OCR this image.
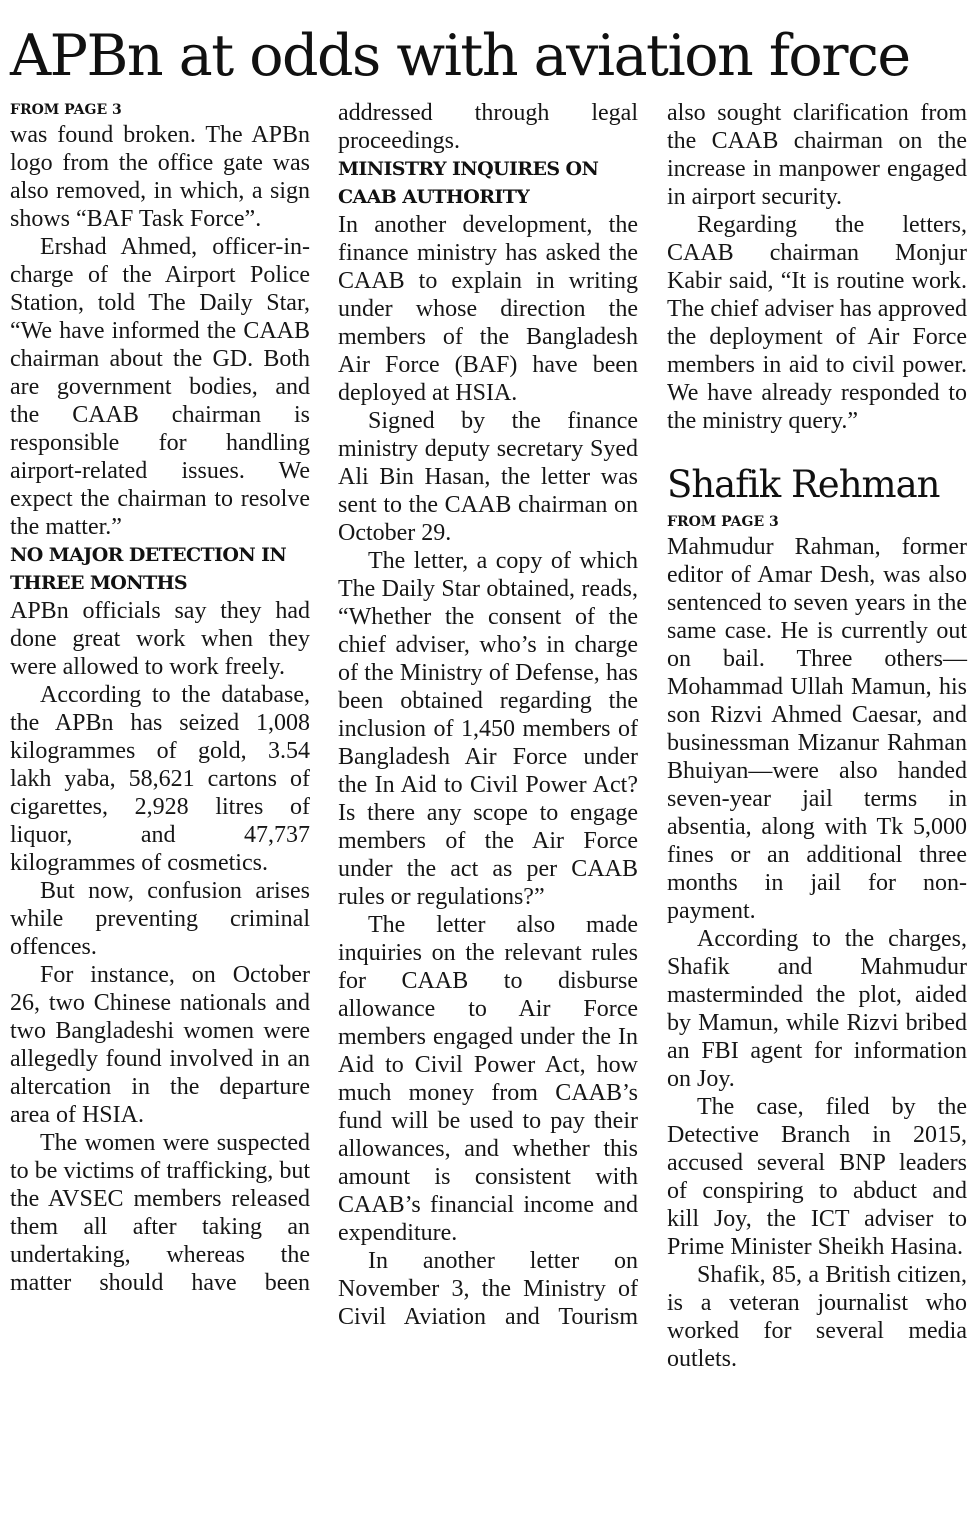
APBn at odds with aviation force
FROM PAGE 3

was found broken. The APBn logo from the office gate was also removed, in which, a sign shows “BAF Task Force”.

Ershad Ahmed, officer-in-charge of the Airport Police Station, told The Daily Star, “We have informed the CAAB chairman about the GD. Both are government bodies, and the CAAB chairman is responsible for handling airport-related issues. We expect the chairman to resolve the matter.”

NO MAJOR DETECTION IN THREE MONTHS

APBn officials say they had done great work when they were allowed to work freely.

According to the database, the APBn has seized 1,008 kilogrammes of gold, 3.54 lakh yaba, 58,621 cartons of cigarettes, 2,928 litres of liquor, and 47,737 kilogrammes of cosmetics.

But now, confusion arises while preventing criminal offences.

For instance, on October 26, two Chinese nationals and two Bangladeshi women were allegedly found involved in an altercation in the departure area of HSIA.

The women were suspected to be victims of trafficking, but the AVSEC members released them all after taking an undertaking, whereas the matter should have been

addressed through legal proceedings.

MINISTRY INQUIRES ON CAAB AUTHORITY

In another development, the finance ministry has asked the CAAB to explain in writing under whose direction the members of the Bangladesh Air Force (BAF) have been deployed at HSIA.

Signed by the finance ministry deputy secretary Syed Ali Bin Hasan, the letter was sent to the CAAB chairman on October 29.

The letter, a copy of which The Daily Star obtained, reads, “Whether the consent of the chief adviser, who’s in charge of the Ministry of Defense, has been obtained regarding the inclusion of 1,450 members of Bangladesh Air Force under the In Aid to Civil Power Act? Is there any scope to engage members of the Air Force under the act as per CAAB rules or regulations?”

The letter also made inquiries on the relevant rules for CAAB to disburse allowance to Air Force members engaged under the In Aid to Civil Power Act, how much money from CAAB’s fund will be used to pay their allowances, and whether this amount is consistent with CAAB’s financial income and expenditure.

In another letter on November 3, the Ministry of Civil Aviation and Tourism

also sought clarification from the CAAB chairman on the increase in manpower engaged in airport security.

Regarding the letters, CAAB chairman Monjur Kabir said, “It is routine work. The chief adviser has approved the deployment of Air Force members in aid to civil power. We have already responded to the ministry query.”

Shafik Rehman
FROM PAGE 3

Mahmudur Rahman, former editor of Amar Desh, was also sentenced to seven years in the same case. He is currently out on bail. Three others—Mohammad Ullah Mamun, his son Rizvi Ahmed Caesar, and businessman Mizanur Rahman Bhuiyan—were also handed seven-year jail terms in absentia, along with Tk 5,000 fines or an additional three months in jail for non-payment.

According to the charges, Shafik and Mahmudur masterminded the plot, aided by Mamun, while Rizvi bribed an FBI agent for information on Joy.

The case, filed by the Detective Branch in 2015, accused several BNP leaders of conspiring to abduct and kill Joy, the ICT adviser to Prime Minister Sheikh Hasina.

Shafik, 85, a British citizen, is a veteran journalist who worked for several media outlets.
